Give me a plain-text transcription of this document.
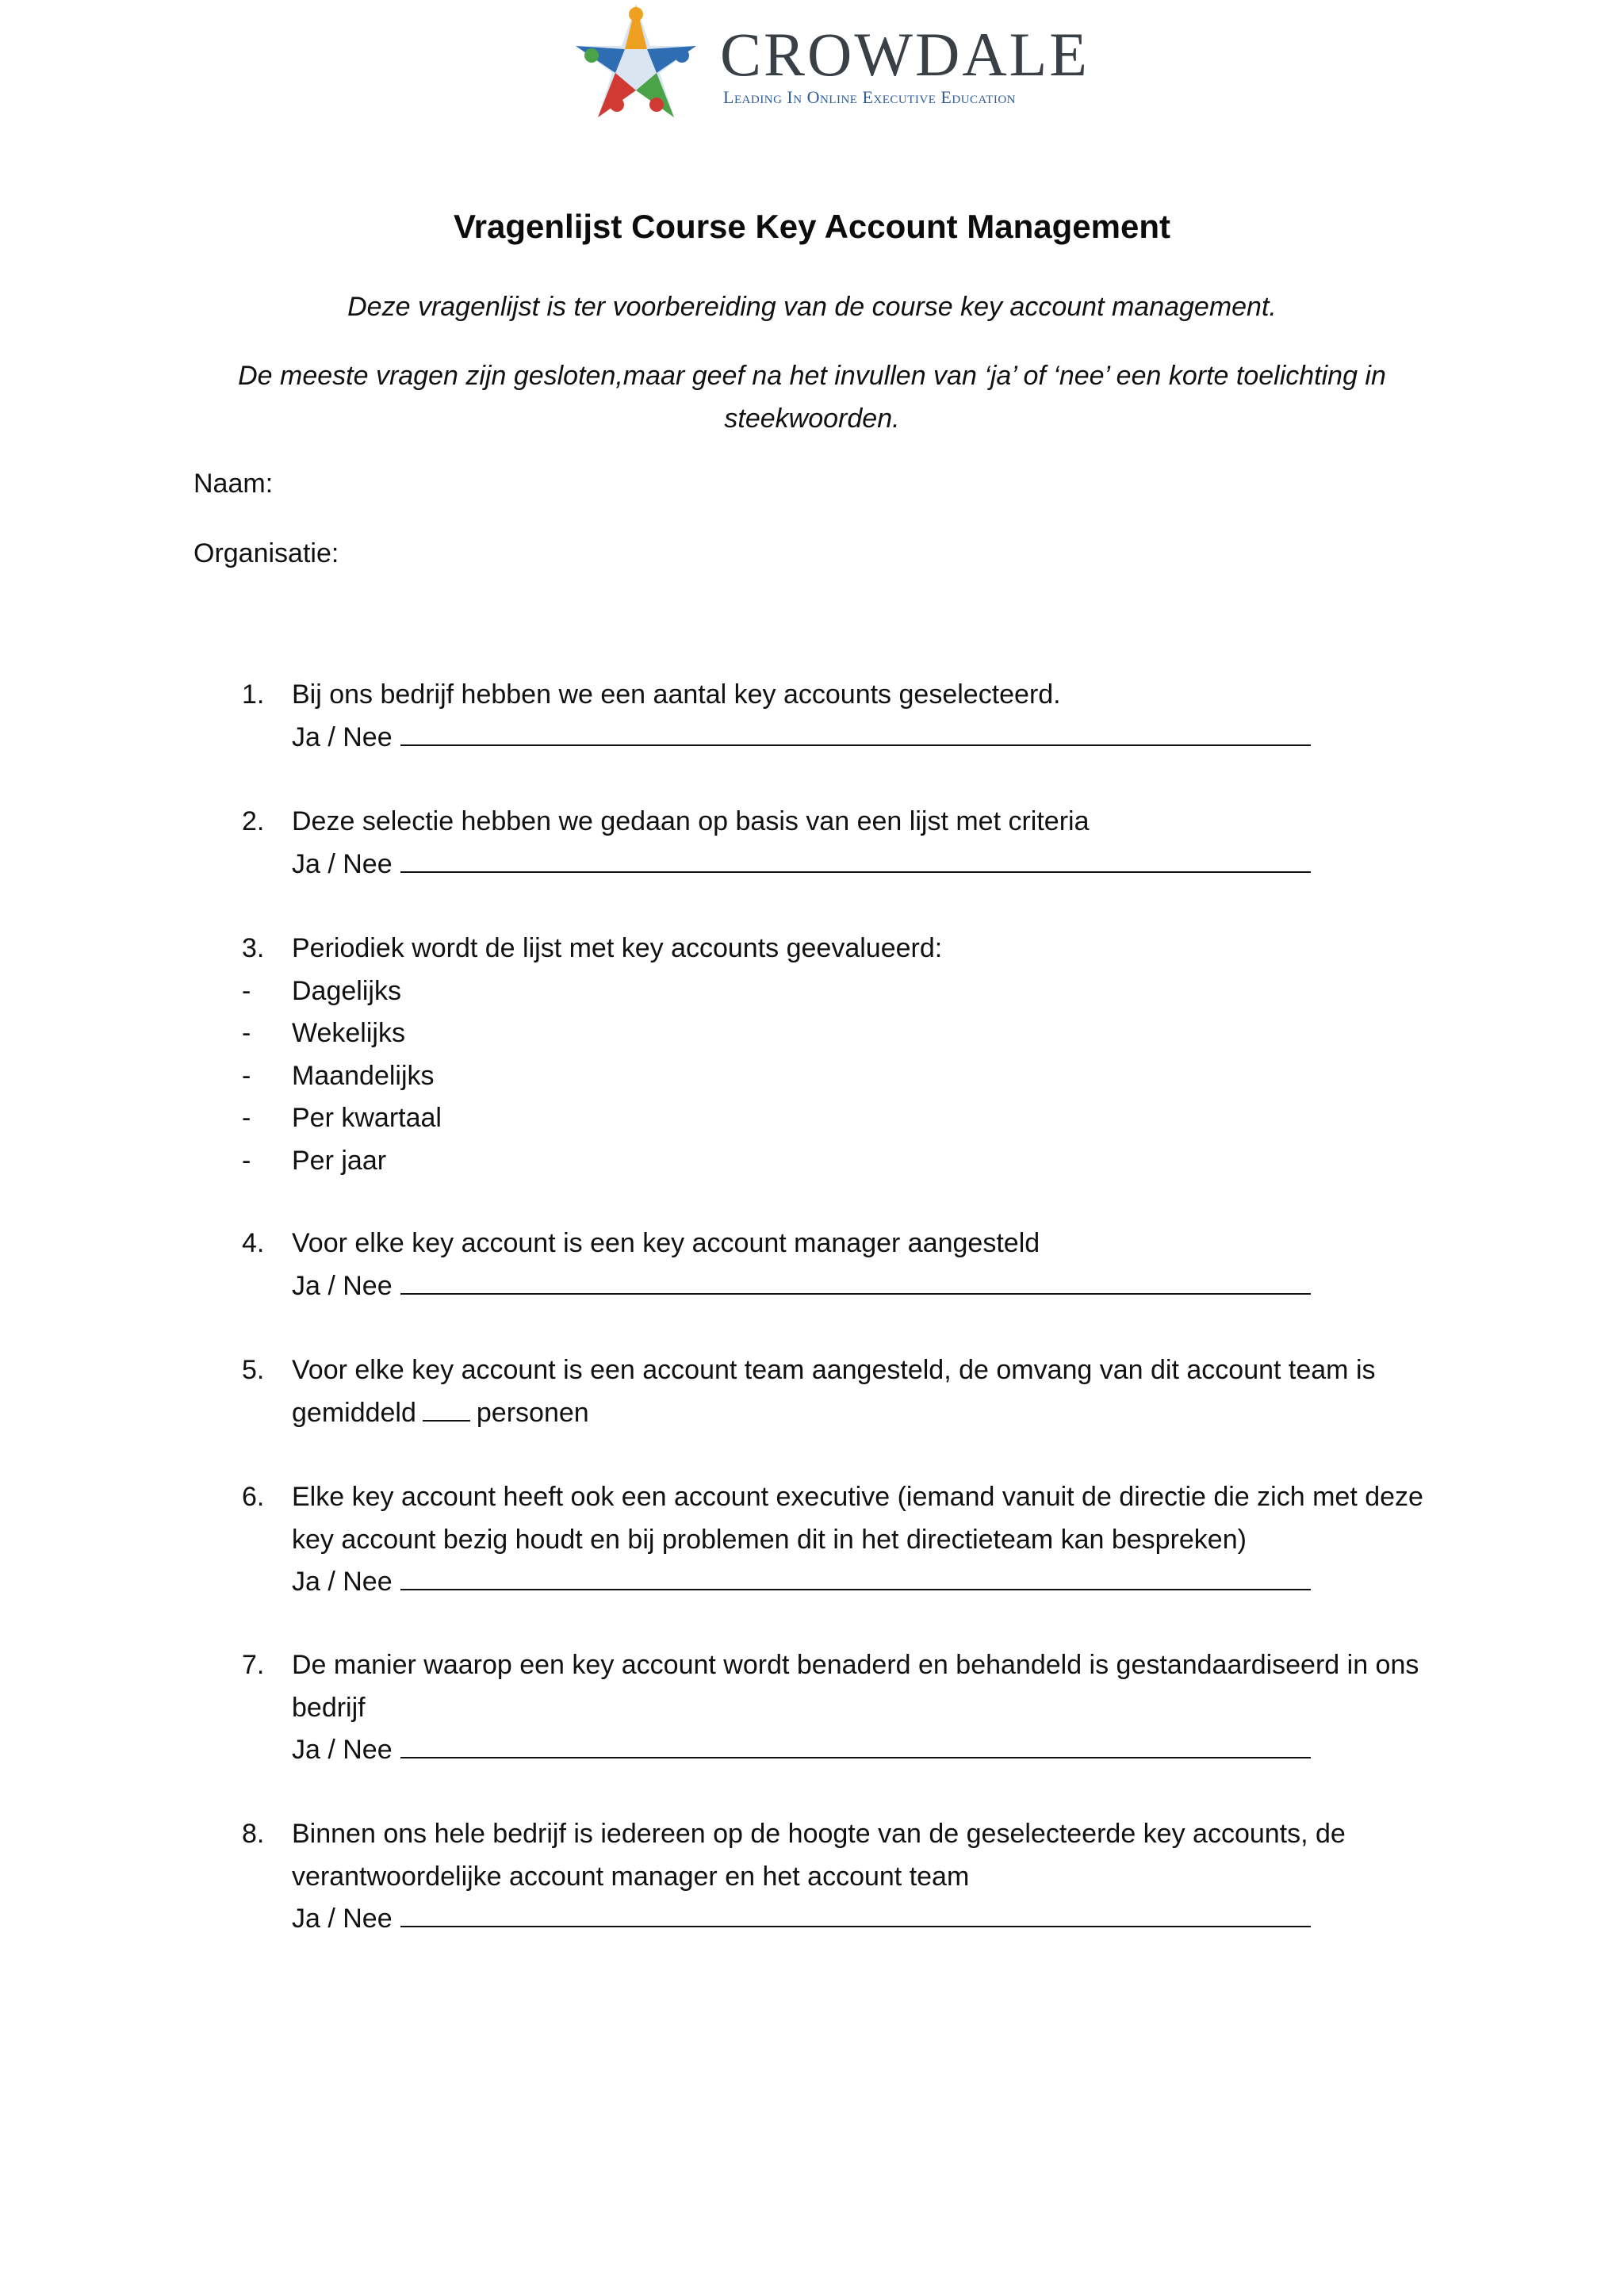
CROWDALE
Leading In Online Executive Education
Vragenlijst Course Key Account Management
Deze vragenlijst is ter voorbereiding van de course key account management.
De meeste vragen zijn gesloten,maar geef na het invullen van ‘ja’ of ‘nee’ een korte toelichting in steekwoorden.
Naam:
Organisatie:
1. Bij ons bedrijf hebben we een aantal key accounts geselecteerd.
Ja / Nee
2. Deze selectie hebben we gedaan op basis van een lijst met criteria
Ja / Nee
3. Periodiek wordt de lijst met key accounts geevalueerd:
- Dagelijks
- Wekelijks
- Maandelijks
- Per kwartaal
- Per jaar
4. Voor elke key account is een key account manager aangesteld
Ja / Nee
5. Voor elke key account is een account team aangesteld, de omvang van dit account team is gemiddeld personen
6. Elke key account heeft ook een account executive (iemand vanuit de directie die zich met deze key account bezig houdt en bij problemen dit in het directieteam kan bespreken)
Ja / Nee
7. De manier waarop een key account wordt benaderd en behandeld is gestandaardiseerd in ons bedrijf
Ja / Nee
8. Binnen ons hele bedrijf is iedereen op de hoogte van de geselecteerde key accounts, de verantwoordelijke account manager en het account team
Ja / Nee
